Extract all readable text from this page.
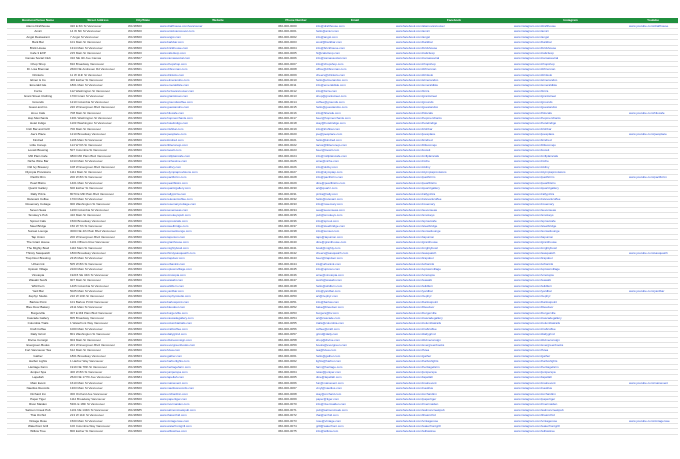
Business/Venue Name	Street Address	City/State	Website	Phone Number	Email	Facebook	Instagram	Youtube
Alamo Drafthouse	320 E 6th St Vancouver	WA 98660	www.drafthouse.com/vancouver	360-000-0000	info@drafthouse.com	www.facebook.com/alamovancouver	www.instagram.com/drafthouse	www.youtube.com/drafthouse
Amici	14 W 6th St Vancouver	WA 98660	www.amicivancouver.com	360-000-0001	hello@amici.com	www.facebook.com/amici	www.instagram.com/amici	
Angst Restaurant	7 Angst St Vancouver	WA 98660	www.angst.com	360-000-0002	info@angst.com	www.facebook.com/angst	www.instagram.com/angst	
Bark Bar	101 Main St Vancouver	WA 98660	www.barkbar.com	360-000-0003	woof@barkbar.com	www.facebook.com/barkbar	www.instagram.com/barkbar	
Brick House	1314 Main St Vancouver	WA 98660	www.brickhouse.com	360-000-0004	info@brickhouse.com	www.facebook.com/brickhouse	www.instagram.com/brickhouse	
Cafe 3 EXP	215 Main St Vancouver	WA 98660	www.cafe3exp.com	360-000-0005	hi@cafe3exp.com	www.facebook.com/cafe3exp	www.instagram.com/cafe3exp	
Camas Social Club	310 NE 4th Ave Camas	WA 98607	www.camassocial.com	360-000-0006	info@camassocial.com	www.facebook.com/camassocial	www.instagram.com/camassocial	
Chop Shop	810 Broadway Vancouver	WA 98660	www.chopshop.com	360-000-0007	info@chopshop.com	www.facebook.com/chopshop	www.instagram.com/chopshop	
Dr. Lisa Brennan	2600 NE Andresen Rd Vancouver	WA 98661	www.drbrennan.com	360-000-0008	office@drbrennan.com	www.facebook.com/drbrennan	www.instagram.com/drbrennan	
Drinkolo	11 W 11th St Vancouver	WA 98660	www.drinkolo.com	360-000-0009	cheers@drinkolo.com	www.facebook.com/drinkolo	www.instagram.com/drinkolo	
Elmer & Co	400 Esther St Vancouver	WA 98660	www.elmerandco.com	360-000-0010	hello@elmerandco.com	www.facebook.com/elmerandco	www.instagram.com/elmerandco	
Emerald Isle	1801 Main St Vancouver	WA 98660	www.emeraldisle.com	360-000-0011	info@emeraldisle.com	www.facebook.com/emeraldisle	www.instagram.com/emeraldisle	
Forza	112 Washington St Vancouver	WA 98660	www.forzavancouver.com	360-000-0012	info@forza.com	www.facebook.com/forza	www.instagram.com/forza	
Grant Street Clothing	1700 Grant St Vancouver	WA 98660	www.grantstreet.com	360-000-0013	shop@grantstreet.com	www.facebook.com/grantstreet	www.instagram.com/grantstreet	
Grounds	1210 Columbia St Vancouver	WA 98660	www.groundscoffee.com	360-000-0014	coffee@grounds.com	www.facebook.com/grounds	www.instagram.com/grounds	
Guest and Co	220 W Evergreen Blvd Vancouver	WA 98660	www.guestandco.com	360-000-0015	hello@guestandco.com	www.facebook.com/guestandco	www.instagram.com/guestandco	
Hi-Lo Cafe	708 Main St Vancouver	WA 98660	www.hilocafe.com	360-000-0016	info@hilocafe.com	www.facebook.com/hilocafe	www.instagram.com/hilocafe	www.youtube.com/hilocafe
Hop Merchants	1301 Washington St Vancouver	WA 98660	www.hopmerchants.com	360-000-0017	beer@hopmerchants.com	www.facebook.com/hopmerchants	www.instagram.com/hopmerchants	
Hotel Indigo	1103 Washington St Vancouver	WA 98660	www.hotelindigo.com	360-000-0018	stay@hotelindigo.com	www.facebook.com/hotelindigo	www.instagram.com/hotelindigo	
Irish Bar and Grill	700 Main St Vancouver	WA 98660	www.irishbar.com	360-000-0019	info@irishbar.com	www.facebook.com/irishbar	www.instagram.com/irishbar	
Joe's Place	1210 Broadway Vancouver	WA 98660	www.joesplace.com	360-000-0020	joe@joesplace.com	www.facebook.com/joesplace	www.instagram.com/joesplace	www.youtube.com/joesplace
Kindred	1106 Main St Vancouver	WA 98660	www.kindred.com	360-000-0021	hello@kindred.com	www.facebook.com/kindred	www.instagram.com/kindred	
Little Conejo	114 W 6th St Vancouver	WA 98660	www.littleconejo.com	360-000-0022	tacos@littleconejo.com	www.facebook.com/littleconejo	www.instagram.com/littleconejo	
Loowit Brewing	507 Columbia St Vancouver	WA 98660	www.loowit.com	360-000-0023	beer@loowit.com	www.facebook.com/loowit	www.instagram.com/loowit	
Mill Plain Cafe	9800 Mill Plain Blvd Vancouver	WA 98664	www.millplaincafe.com	360-000-0024	info@millplaincafe.com	www.facebook.com/millplaincafe	www.instagram.com/millplaincafe	
Niche Wine Bar	1013 Main St Vancouver	WA 98660	www.nichewine.com	360-000-0025	wine@niche.com	www.facebook.com/niche	www.instagram.com/niche	
Old Ivy Brewery	108 W Evergreen Blvd Vancouver	WA 98660	www.oldivy.com	360-000-0026	info@oldivy.com	www.facebook.com/oldivy	www.instagram.com/oldivy	
Olympia Provisions	1111 Main St Vancouver	WA 98660	www.olympiaprovisions.com	360-000-0027	info@olympiap.com	www.facebook.com/olympiaprovisions	www.instagram.com/olympiaprovisions	
Pacific Rim	200 W 8th St Vancouver	WA 98660	www.pacificrim.com	360-000-0028	info@pacificrim.com	www.facebook.com/pacificrim	www.instagram.com/pacificrim	www.youtube.com/pacificrim
Pearl Bistro	1401 Main St Vancouver	WA 98660	www.pearlbistro.com	360-000-0029	dine@pearlbistro.com	www.facebook.com/pearlbistro	www.instagram.com/pearlbistro	
Quartz Gallery	600 Esther St Vancouver	WA 98660	www.quartzgallery.com	360-000-0030	art@quartz.com	www.facebook.com/quartzgallery	www.instagram.com/quartzgallery	
Rally Pizza	8070 E Mill Plain Blvd Vancouver	WA 98664	www.rallypizza.com	360-000-0031	pizza@rally.com	www.facebook.com/rallypizza	www.instagram.com/rallypizza	
Relevant Coffee	1703 Main St Vancouver	WA 98660	www.relevantcoffee.com	360-000-0032	hello@relevant.com	www.facebook.com/relevantcoffee	www.instagram.com/relevantcoffee	
Rosemary Cottage	900 Washington St Vancouver	WA 98660	www.rosemarycottage.com	360-000-0033	info@rosemary.com	www.facebook.com/rosemary	www.instagram.com/rosemary	
Seven Seas	1200 Columbia St Vancouver	WA 98660	www.sevenseas.com	360-000-0034	sea@sevenseas.com	www.facebook.com/sevenseas	www.instagram.com/sevenseas	
Smokey's Pub	410 Main St Vancouver	WA 98660	www.smokeyspub.com	360-000-0035	pub@smokeys.com	www.facebook.com/smokeys	www.instagram.com/smokeys	
Sprout Cafe	1500 Broadway Vancouver	WA 98660	www.sproutcafe.com	360-000-0036	info@sprout.com	www.facebook.com/sproutcafe	www.instagram.com/sproutcafe	
Steel Bridge	150 W 7th St Vancouver	WA 98660	www.steelbridge.com	360-000-0037	info@steelbridge.com	www.facebook.com/steelbridge	www.instagram.com/steelbridge	
Sunset Lounge	3000 NE 4th Plain Blvd Vancouver	WA 98661	www.sunsetlounge.com	360-000-0038	info@sunset.com	www.facebook.com/sunsetlounge	www.instagram.com/sunsetlounge	
Tap Union	200 W Evergreen Blvd Vancouver	WA 98660	www.tapunion.com	360-000-0039	taps@tapunion.com	www.facebook.com/tapunion	www.instagram.com/tapunion	
The Grant House	1101 Officers Row Vancouver	WA 98661	www.granthouse.com	360-000-0040	dine@granthouse.com	www.facebook.com/granthouse	www.instagram.com/granthouse	
The Mighty Bowl	1110 Main St Vancouver	WA 98660	www.mightybowl.com	360-000-0041	bowl@mighty.com	www.facebook.com/mightybowl	www.instagram.com/mightybowl	
Thirsty Sasquatch	1800 Broadway Vancouver	WA 98663	www.thirstysasquatch.com	360-000-0042	cheers@sasquatch.com	www.facebook.com/sasquatch	www.instagram.com/sasquatch	www.youtube.com/sasquatch
Trap Door Brewing	2315 Main St Vancouver	WA 98660	www.trapdoor.com	360-000-0043	beer@trapdoor.com	www.facebook.com/trapdoor	www.instagram.com/trapdoor	
Urban Ink	505 W 8th St Vancouver	WA 98660	www.urbanink.com	360-000-0044	ink@urbanink.com	www.facebook.com/urbanink	www.instagram.com/urbanink	
Uptown Village	2100 Main St Vancouver	WA 98660	www.uptownvillage.com	360-000-0045	info@uptown.com	www.facebook.com/uptownvillage	www.instagram.com/uptownvillage	
Vinotopia	19215 SE 34th St Vancouver	WA 98683	www.vinotopia.com	360-000-0046	wine@vinotopia.com	www.facebook.com/vinotopia	www.instagram.com/vinotopia	
Wasabi Sushi	907 Main St Vancouver	WA 98660	www.wasabi.com	360-000-0047	sushi@wasabi.com	www.facebook.com/wasabi	www.instagram.com/wasabi	
Wild Fern	1405 Columbia St Vancouver	WA 98660	www.wildfern.com	360-000-0048	hello@wildfern.com	www.facebook.com/wildfern	www.instagram.com/wildfern	
Yard Bar	5025 Main St Vancouver	WA 98663	www.yardbar.com	360-000-0049	info@yardbar.com	www.facebook.com/yardbar	www.instagram.com/yardbar	www.youtube.com/yardbar
Zephyr Studio	210 W 10th St Vancouver	WA 98660	www.zephyrstudio.com	360-000-0050	art@zephyr.com	www.facebook.com/zephyr	www.instagram.com/zephyr	
Barlow Point	101 Barlow Pt Rd Vancouver	WA 98660	www.barlowpoint.com	360-000-0051	info@barlow.com	www.facebook.com/barlowpoint	www.instagram.com/barlowpoint	
Bleu Door Bakery	2411 Main St Vancouver	WA 98660	www.bleudoor.com	360-000-0052	bake@bleudoor.com	www.facebook.com/bleudoor	www.instagram.com/bleudoor	
Burgerville	307 E Mill Plain Blvd Vancouver	WA 98660	www.burgerville.com	360-000-0053	burgers@bv.com	www.facebook.com/burgerville	www.instagram.com/burgerville	
Cascade Gallery	805 Broadway Vancouver	WA 98660	www.cascadegallery.com	360-000-0054	art@cascade.com	www.facebook.com/cascadegallery	www.instagram.com/cascadegallery	
Columbia Trails	1 Waterfront Way Vancouver	WA 98660	www.columbiatrails.com	360-000-0055	trails@columbia.com	www.facebook.com/columbiatrails	www.instagram.com/columbiatrails	
Craft Coffee	1000 Main St Vancouver	WA 98660	www.craftcoffee.com	360-000-0056	coffee@craft.com	www.facebook.com/craftcoffee	www.instagram.com/craftcoffee	
Daily Grind	801 Washington St Vancouver	WA 98660	www.dailygrind.com	360-000-0057	grind@daily.com	www.facebook.com/dailygrind	www.instagram.com/dailygrind	
Divine Consign	904 Main St Vancouver	WA 98660	www.divineconsign.com	360-000-0058	shop@divine.com	www.facebook.com/divineconsign	www.instagram.com/divineconsign	
Evergreen Books	201 W Evergreen Blvd Vancouver	WA 98660	www.evergreenbooks.com	360-000-0059	books@evergreen.com	www.facebook.com/evergreenbooks	www.instagram.com/evergreenbooks	
Fort Vancouver Tea	612 Main St Vancouver	WA 98660	www.fvtea.com	360-000-0060	tea@fvtea.com	www.facebook.com/fvtea	www.instagram.com/fvtea	
Gather	1801 Broadway Vancouver	WA 98663	www.gather.com	360-000-0061	hello@gather.com	www.facebook.com/gather	www.instagram.com/gather	
Harbor Lights	1 Harbor Way Vancouver	WA 98660	www.harborlights.com	360-000-0062	lights@harbor.com	www.facebook.com/harborlights	www.instagram.com/harborlights	
Heritage Farm	1919 NE 78th St Vancouver	WA 98665	www.heritagefarm.com	360-000-0063	farm@heritage.com	www.facebook.com/heritagefarm	www.instagram.com/heritagefarm	
Juniper Spa	400 W 8th St Vancouver	WA 98660	www.juniperspa.com	360-000-0064	relax@juniper.com	www.facebook.com/juniperspa	www.instagram.com/juniperspa	
Lapellah	2520 NE 177th Ave Vancouver	WA 98684	www.lapellah.com	360-000-0065	dine@lapellah.com	www.facebook.com/lapellah	www.instagram.com/lapellah	
Main Event	1610 Main St Vancouver	WA 98660	www.mainevent.com	360-000-0066	fun@mainevent.com	www.facebook.com/mainevent	www.instagram.com/mainevent	www.youtube.com/mainevent
Nautilus Records	1303 Main St Vancouver	WA 98660	www.nautilusrecords.com	360-000-0067	vinyl@nautilus.com	www.facebook.com/nautilus	www.instagram.com/nautilus	
Orchard Inn	300 Orchard Ave Vancouver	WA 98661	www.orchardinn.com	360-000-0068	stay@orchard.com	www.facebook.com/orchardinn	www.instagram.com/orchardinn	
Paper Tiger	1112 Broadway Vancouver	WA 98660	www.papertiger.com	360-000-0069	paper@tiger.com	www.facebook.com/papertiger	www.instagram.com/papertiger	
River Maiden	5301 E 18th St Vancouver	WA 98661	www.rivermaiden.com	360-000-0070	info@rivermaiden.com	www.facebook.com/rivermaiden	www.instagram.com/rivermaiden	
Salmon Creek Pub	1101 NE 134th St Vancouver	WA 98685	www.salmoncreekpub.com	360-000-0071	pub@salmoncreek.com	www.facebook.com/salmoncreekpub	www.instagram.com/salmoncreekpub	
Thai Orchid	213 W 11th St Vancouver	WA 98660	www.thaiorchid.com	360-000-0072	thai@orchid.com	www.facebook.com/thaiorchid	www.instagram.com/thaiorchid	
Vintage Rose	1500 Main St Vancouver	WA 98660	www.vintagerose.com	360-000-0073	rose@vintage.com	www.facebook.com/vintagerose	www.instagram.com/vintagerose	www.youtube.com/vintagerose
Waterfront Grill	100 Columbia Way Vancouver	WA 98660	www.waterfrontgrill.com	360-000-0074	grill@waterfront.com	www.facebook.com/waterfrontgrill	www.instagram.com/waterfrontgrill	
Willow Tree	800 Esther St Vancouver	WA 98660	www.willowtree.com	360-000-0075	info@willow.com	www.facebook.com/willowtree	www.instagram.com/willowtree	
